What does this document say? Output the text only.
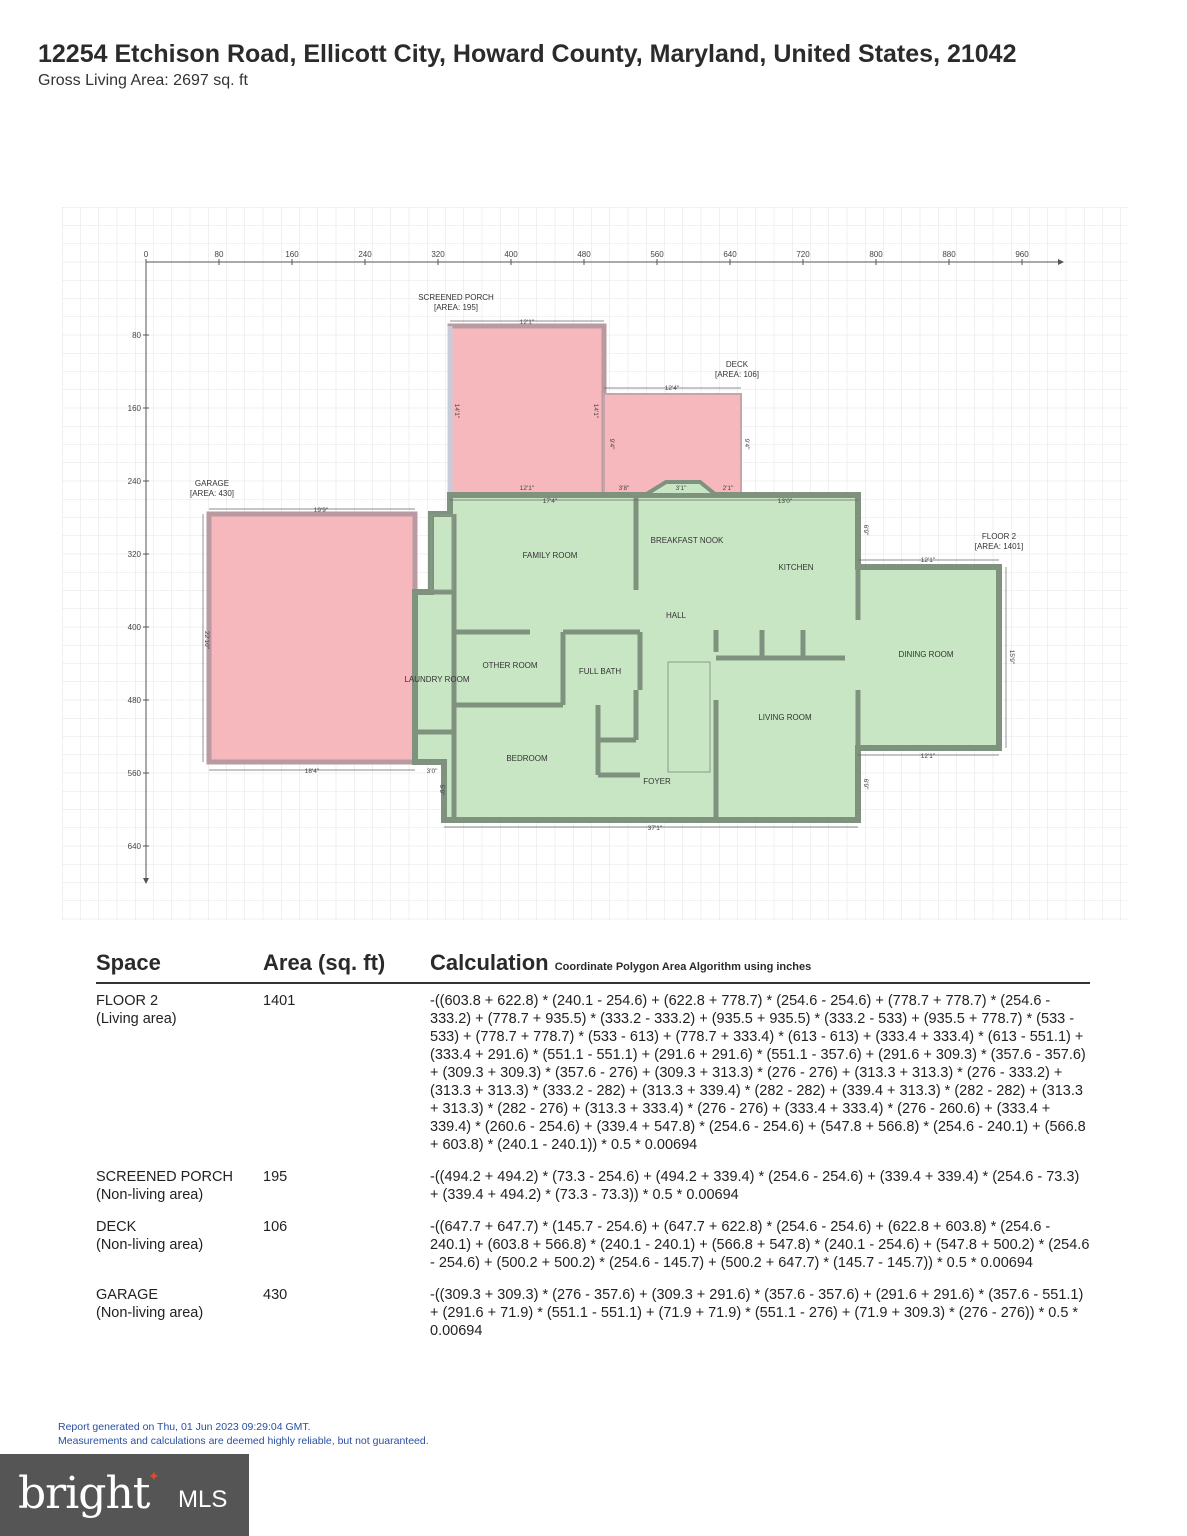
12254 Etchison Road, Ellicott City, Howard County, Maryland, United States, 21042
Gross Living Area: 2697 sq. ft
0	80	160	240	320	400	480	560	640	720	800	880	960
80
160
240
320
400
480
560
640
SCREENED PORCH
[AREA: 195]
DECK
[AREA: 106]
GARAGE
[AREA: 430]
FLOOR 2
[AREA: 1401]
FAMILY ROOM
BREAKFAST NOOK
KITCHEN
HALL
DINING ROOM
OTHER ROOM
FULL BATH
LAUNDRY ROOM
LIVING ROOM
BEDROOM
FOYER
12'1"
12'1"
12'4"
3'8"	3'1"	2'1"
19'9"
17'4"	13'0"
12'1"
12'1"
37'1"
18'4"	3'0"
22'10"
14'1"	14'1"
9'4"	9'4"
15'9"
6'9"
5'9"
6'9"
Space	Area (sq. ft)	Calculation Coordinate Polygon Area Algorithm using inches

FLOOR 2
(Living area)	1401	-((603.8 + 622.8) * (240.1 - 254.6) + (622.8 + 778.7) * (254.6 - 254.6) + (778.7 + 778.7) * (254.6 - 333.2) + (778.7 + 935.5) * (333.2 - 333.2) + (935.5 + 935.5) * (333.2 - 533) + (935.5 + 778.7) * (533 - 533) + (778.7 + 778.7) * (533 - 613) + (778.7 + 333.4) * (613 - 613) + (333.4 + 333.4) * (613 - 551.1) + (333.4 + 291.6) * (551.1 - 551.1) + (291.6 + 291.6) * (551.1 - 357.6) + (291.6 + 309.3) * (357.6 - 357.6) + (309.3 + 309.3) * (357.6 - 276) + (309.3 + 313.3) * (276 - 276) + (313.3 + 313.3) * (276 - 333.2) + (313.3 + 313.3) * (333.2 - 282) + (313.3 + 339.4) * (282 - 282) + (339.4 + 313.3) * (282 - 282) + (313.3 + 313.3) * (282 - 276) + (313.3 + 333.4) * (276 - 276) + (333.4 + 333.4) * (276 - 260.6) + (333.4 + 339.4) * (260.6 - 254.6) + (339.4 + 547.8) * (254.6 - 254.6) + (547.8 + 566.8) * (254.6 - 240.1) + (566.8 + 603.8) * (240.1 - 240.1)) * 0.5 * 0.00694

SCREENED PORCH
(Non-living area)	195	-((494.2 + 494.2) * (73.3 - 254.6) + (494.2 + 339.4) * (254.6 - 254.6) + (339.4 + 339.4) * (254.6 - 73.3) + (339.4 + 494.2) * (73.3 - 73.3)) * 0.5 * 0.00694

DECK
(Non-living area)	106	-((647.7 + 647.7) * (145.7 - 254.6) + (647.7 + 622.8) * (254.6 - 254.6) + (622.8 + 603.8) * (254.6 - 240.1) + (603.8 + 566.8) * (240.1 - 240.1) + (566.8 + 547.8) * (240.1 - 254.6) + (547.8 + 500.2) * (254.6 - 254.6) + (500.2 + 500.2) * (254.6 - 145.7) + (500.2 + 647.7) * (145.7 - 145.7)) * 0.5 * 0.00694

GARAGE
(Non-living area)	430	-((309.3 + 309.3) * (276 - 357.6) + (309.3 + 291.6) * (357.6 - 357.6) + (291.6 + 291.6) * (357.6 - 551.1) + (291.6 + 71.9) * (551.1 - 551.1) + (71.9 + 71.9) * (551.1 - 276) + (71.9 + 309.3) * (276 - 276)) * 0.5 * 0.00694
Report generated on Thu, 01 Jun 2023 09:29:04 GMT.
Measurements and calculations are deemed highly reliable, but not guaranteed.
bright
✦
MLS
